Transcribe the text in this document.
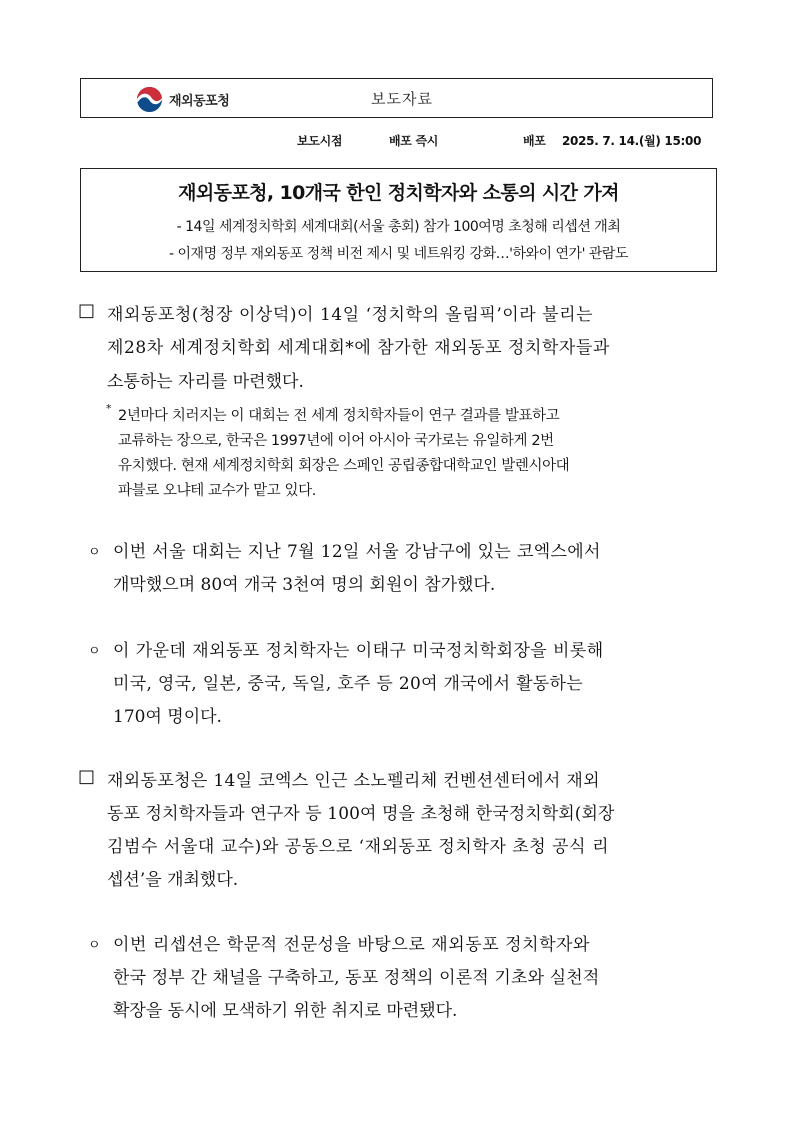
재외동포청	보도자료
보도시점	배포 즉시	배포 2025. 7. 14.(월) 15:00
재외동포청, 10개국 한인 정치학자와 소통의 시간 가져
- 14일 세계정치학회 세계대회(서울 총회) 참가 100여명 초청해 리셉션 개최
- 이재명 정부 재외동포 정책 비전 제시 및 네트워킹 강화…'하와이 연가' 관람도
□ 재외동포청(청장 이상덕)이 14일 ‘정치학의 올림픽’이라 불리는
제28차 세계정치학회 세계대회*에 참가한 재외동포 정치학자들과
소통하는 자리를 마련했다.
* 2년마다 치러지는 이 대회는 전 세계 정치학자들이 연구 결과를 발표하고
교류하는 장으로, 한국은 1997년에 이어 아시아 국가로는 유일하게 2번
유치했다. 현재 세계정치학회 회장은 스페인 공립종합대학교인 발렌시아대
파블로 오냐테 교수가 맡고 있다.
ㅇ 이번 서울 대회는 지난 7월 12일 서울 강남구에 있는 코엑스에서
개막했으며 80여 개국 3천여 명의 회원이 참가했다.
ㅇ 이 가운데 재외동포 정치학자는 이태구 미국정치학회장을 비롯해
미국, 영국, 일본, 중국, 독일, 호주 등 20여 개국에서 활동하는
170여 명이다.
□ 재외동포청은 14일 코엑스 인근 소노펠리체 컨벤션센터에서 재외
동포 정치학자들과 연구자 등 100여 명을 초청해 한국정치학회(회장
김범수 서울대 교수)와 공동으로 ‘재외동포 정치학자 초청 공식 리
셉션’을 개최했다.
ㅇ 이번 리셉션은 학문적 전문성을 바탕으로 재외동포 정치학자와
한국 정부 간 채널을 구축하고, 동포 정책의 이론적 기초와 실천적
확장을 동시에 모색하기 위한 취지로 마련됐다.
